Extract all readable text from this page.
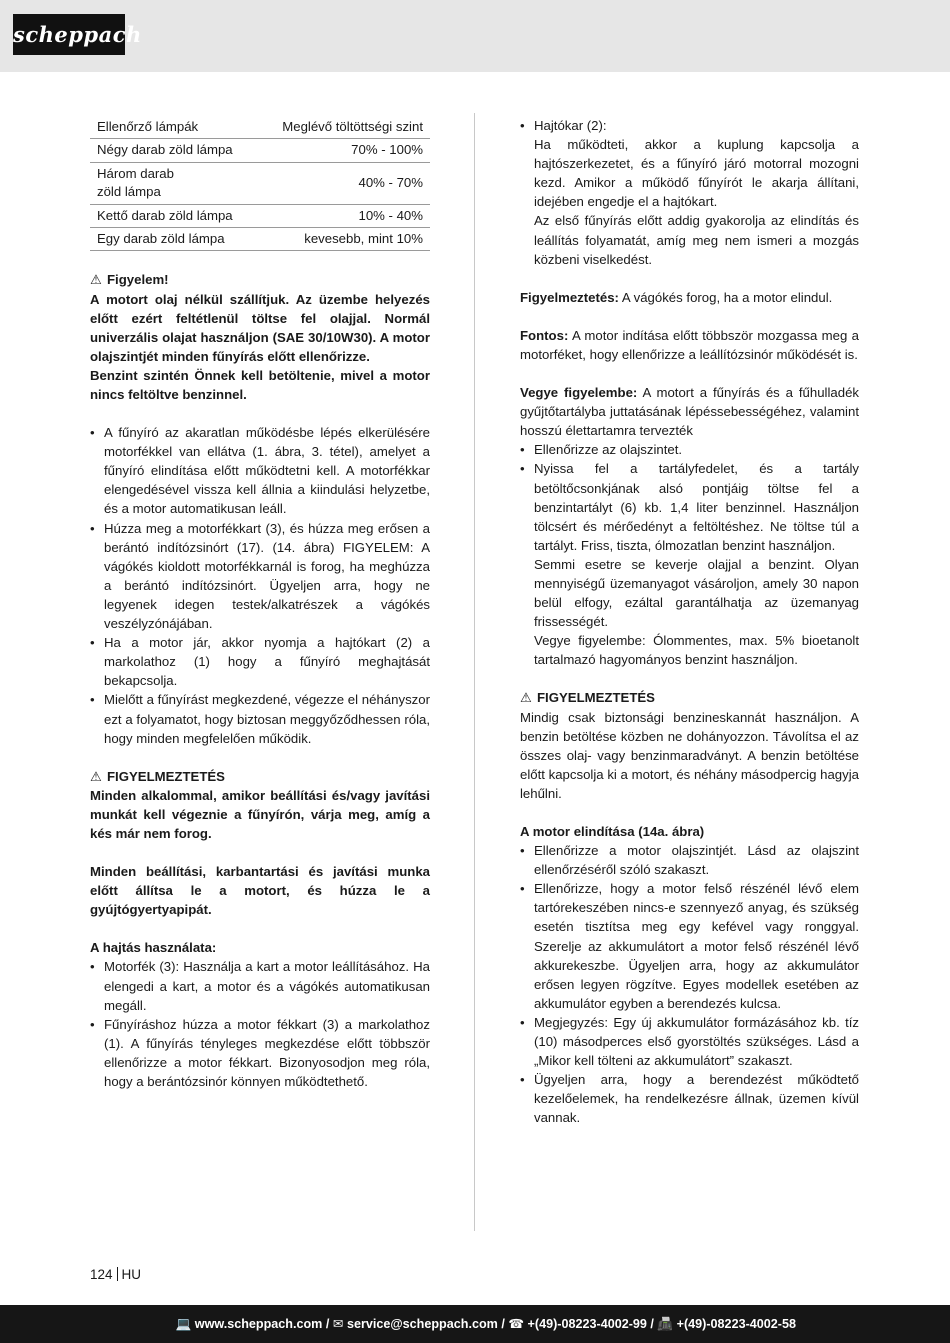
scheppach
Ellenőrző lámpák	Meglévő töltöttségi szint
Négy darab zöld lámpa	70% - 100%
Három darab
zöld lámpa	40% - 70%
Kettő darab zöld lámpa	10% - 40%
Egy darab zöld lámpa	kevesebb, mint 10%
⚠ Figyelem!

A motort olaj nélkül szállítjuk. Az üzembe helyezés előtt ezért feltétlenül töltse fel olajjal. Normál univerzális olajat használjon (SAE 30/10W30). A motor olajszintjét minden fűnyírás előtt ellenőrizze.

Benzint szintén Önnek kell betöltenie, mivel a motor nincs feltöltve benzinnel.

• A fűnyíró az akaratlan működésbe lépés elkerülésére motorfékkel van ellátva (1. ábra, 3. tétel), amelyet a fűnyíró elindítása előtt működtetni kell. A motorfékkar elengedésével vissza kell állnia a kiindulási helyzetbe, és a motor automatikusan leáll.
• Húzza meg a motorfékkart (3), és húzza meg erősen a berántó indítózsinórt (17). (14. ábra) FIGYELEM: A vágókés kioldott motorfékkarnál is forog, ha meghúzza a berántó indítózsinórt. Ügyeljen arra, hogy ne legyenek idegen testek/alkatrészek a vágókés veszélyzónájában.
• Ha a motor jár, akkor nyomja a hajtókart (2) a markolathoz (1) hogy a fűnyíró meghajtását bekapcsolja.
• Mielőtt a fűnyírást megkezdené, végezze el néhányszor ezt a folyamatot, hogy biztosan meggyőződhessen róla, hogy minden megfelelően működik.
⚠ FIGYELMEZTETÉS

Minden alkalommal, amikor beállítási és/vagy javítási munkát kell végeznie a fűnyírón, várja meg, amíg a kés már nem forog.

Minden beállítási, karbantartási és javítási munka előtt állítsa le a motort, és húzza le a gyújtógyertyapipát.

A hajtás használata:
• Motorfék (3): Használja a kart a motor leállításához. Ha elengedi a kart, a motor és a vágókés automatikusan megáll.
• Fűnyíráshoz húzza a motor fékkart (3) a markolathoz (1). A fűnyírás tényleges megkezdése előtt többször ellenőrizze a motor fékkart. Bizonyosodjon meg róla, hogy a berántózsinór könnyen működtethető.
• Hajtókar (2):
Ha működteti, akkor a kuplung kapcsolja a hajtószerkezetet, és a fűnyíró járó motorral mozogni kezd. Amikor a működő fűnyírót le akarja állítani, idejében engedje el a hajtókart.
Az első fűnyírás előtt addig gyakorolja az elindítás és leállítás folyamatát, amíg meg nem ismeri a mozgás közbeni viselkedést.

Figyelmeztetés: A vágókés forog, ha a motor elindul.

Fontos: A motor indítása előtt többször mozgassa meg a motorféket, hogy ellenőrizze a leállítózsinór működését is.

Vegye figyelembe: A motort a fűnyírás és a fűhulladék gyűjtőtartályba juttatásának lépéssebességéhez, valamint hosszú élettartamra tervezték

• Ellenőrizze az olajszintet.
• Nyissa fel a tartályfedelet, és a tartály betöltőcsonkjának alsó pontjáig töltse fel a benzintartályt (6) kb. 1,4 liter benzinnel. Használjon tölcsért és mérőedényt a feltöltéshez. Ne töltse túl a tartályt. Friss, tiszta, ólmozatlan benzint használjon.
Semmi esetre se keverje olajjal a benzint. Olyan mennyiségű üzemanyagot vásároljon, amely 30 napon belül elfogy, ezáltal garantálhatja az üzemanyag frissességét.
Vegye figyelembe: Ólommentes, max. 5% bioetanolt tartalmazó hagyományos benzint használjon.
⚠ FIGYELMEZTETÉS

Mindig csak biztonsági benzineskannát használjon. A benzin betöltése közben ne dohányozzon. Távolítsa el az összes olaj- vagy benzinmaradványt. A benzin betöltése előtt kapcsolja ki a motort, és néhány másodpercig hagyja lehűlni.

A motor elindítása (14a. ábra)
• Ellenőrizze a motor olajszintjét. Lásd az olajszint ellenőrzéséről szóló szakaszt.
• Ellenőrizze, hogy a motor felső részénél lévő elem tartórekeszében nincs-e szennyező anyag, és szükség esetén tisztítsa meg egy kefével vagy ronggyal. Szerelje az akkumulátort a motor felső részénél lévő akkurekeszbe. Ügyeljen arra, hogy az akkumulátor erősen legyen rögzítve. Egyes modellek esetében az akkumulátor egyben a berendezés kulcsa.
• Megjegyzés: Egy új akkumulátor formázásához kb. tíz (10) másodperces első gyorstöltés szükséges. Lásd a „Mikor kell tölteni az akkumulátort” szakaszt.
• Ügyeljen arra, hogy a berendezést működtető kezelőelemek, ha rendelkezésre állnak, üzemen kívül vannak.
124 HU
💻 www.scheppach.com / ✉ service@scheppach.com / ☎ +(49)-08223-4002-99 / 📠 +(49)-08223-4002-58
